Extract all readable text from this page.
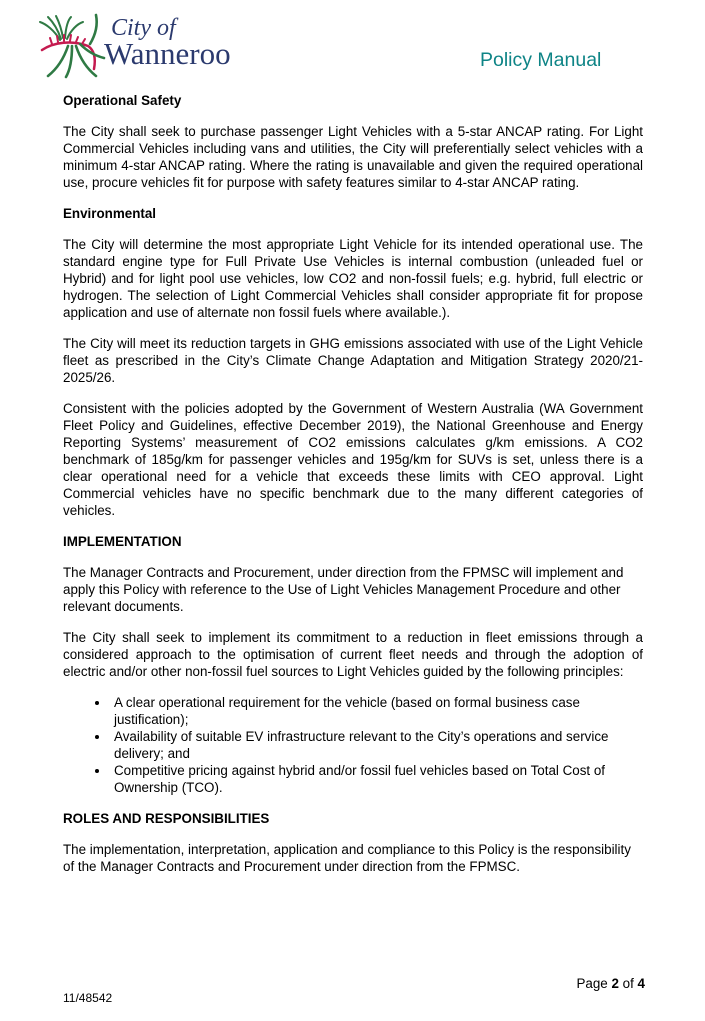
City of
Wanneroo	Policy Manual
Operational Safety

The City shall seek to purchase passenger Light Vehicles with a 5-star ANCAP rating. For Light Commercial Vehicles including vans and utilities, the City will preferentially select vehicles with a minimum 4-star ANCAP rating. Where the rating is unavailable and given the required operational use, procure vehicles fit for purpose with safety features similar to 4-star ANCAP rating.

Environmental

The City will determine the most appropriate Light Vehicle for its intended operational use. The standard engine type for Full Private Use Vehicles is internal combustion (unleaded fuel or Hybrid) and for light pool use vehicles, low CO2 and non-fossil fuels; e.g. hybrid, full electric or hydrogen. The selection of Light Commercial Vehicles shall consider appropriate fit for propose application and use of alternate non fossil fuels where available.).

The City will meet its reduction targets in GHG emissions associated with use of the Light Vehicle fleet as prescribed in the City’s Climate Change Adaptation and Mitigation Strategy 2020/21-2025/26.

Consistent with the policies adopted by the Government of Western Australia (WA Government Fleet Policy and Guidelines, effective December 2019), the National Greenhouse and Energy Reporting Systems’ measurement of CO2 emissions calculates g/km emissions. A CO2 benchmark of 185g/km for passenger vehicles and 195g/km for SUVs is set, unless there is a clear operational need for a vehicle that exceeds these limits with CEO approval. Light Commercial vehicles have no specific benchmark due to the many different categories of vehicles.

IMPLEMENTATION

The Manager Contracts and Procurement, under direction from the FPMSC will implement and apply this Policy with reference to the Use of Light Vehicles Management Procedure and other relevant documents.

The City shall seek to implement its commitment to a reduction in fleet emissions through a considered approach to the optimisation of current fleet needs and through the adoption of electric and/or other non-fossil fuel sources to Light Vehicles guided by the following principles:

• A clear operational requirement for the vehicle (based on formal business case justification);
• Availability of suitable EV infrastructure relevant to the City’s operations and service delivery; and
• Competitive pricing against hybrid and/or fossil fuel vehicles based on Total Cost of Ownership (TCO).
ROLES AND RESPONSIBILITIES

The implementation, interpretation, application and compliance to this Policy is the responsibility of the Manager Contracts and Procurement under direction from the FPMSC.

Page 2 of 4
11/48542
